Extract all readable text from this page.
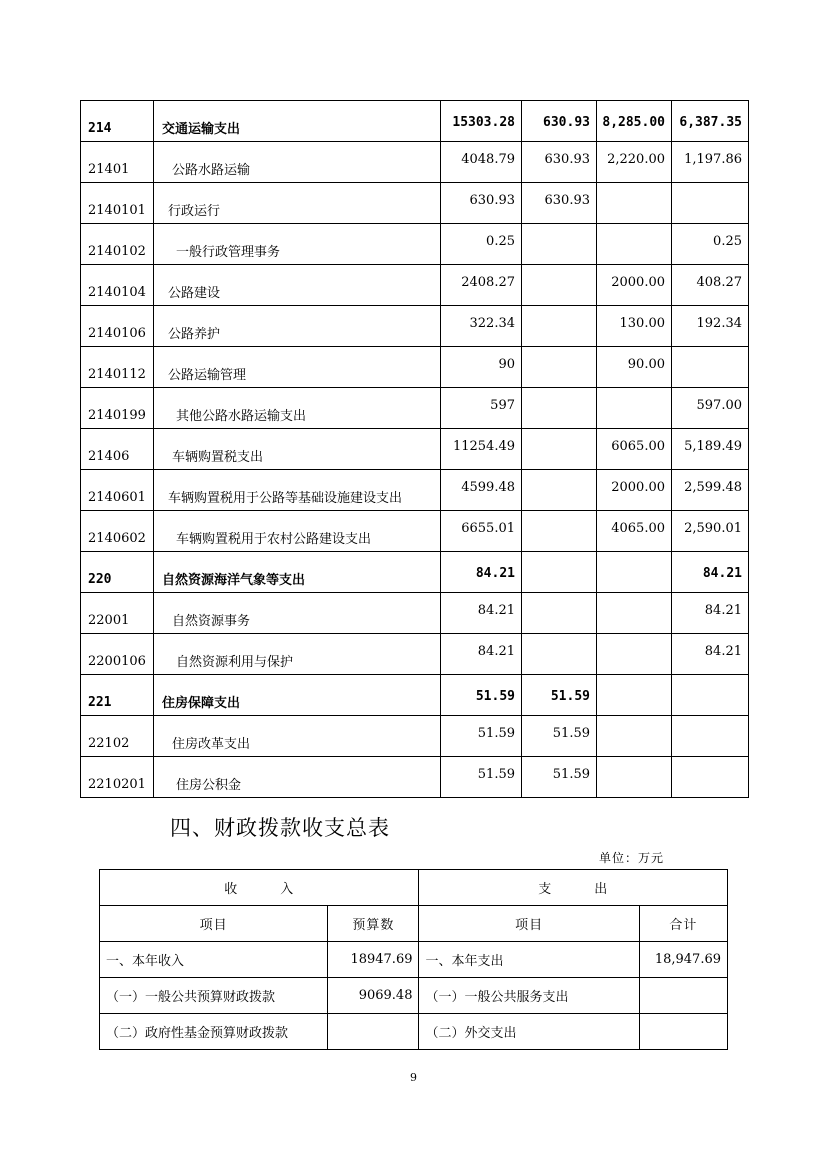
214	交通运输支出	15303.28	630.93	8,285.00	6,387.35
21401	公路水路运输	4048.79	630.93	2,220.00	1,197.86
2140101	行政运行	630.93	630.93		
2140102	一般行政管理事务	0.25			0.25
2140104	公路建设	2408.27		2000.00	408.27
2140106	公路养护	322.34		130.00	192.34
2140112	公路运输管理	90		90.00	
2140199	其他公路水路运输支出	597			597.00
21406	车辆购置税支出	11254.49		6065.00	5,189.49
2140601	车辆购置税用于公路等基础设施建设支出	4599.48		2000.00	2,599.48
2140602	车辆购置税用于农村公路建设支出	6655.01		4065.00	2,590.01
220	自然资源海洋气象等支出	84.21			84.21
22001	自然资源事务	84.21			84.21
2200106	自然资源利用与保护	84.21			84.21
221	住房保障支出	51.59	51.59		
22102	住房改革支出	51.59	51.59		
2210201	住房公积金	51.59	51.59		
四、财政拨款收支总表
单位：万元
收　　　入		支　　　出	
项目	预算数	项目	合计
一、本年收入	18947.69	一、本年支出	18,947.69
（一）一般公共预算财政拨款	9069.48	（一）一般公共服务支出	
（二）政府性基金预算财政拨款		（二）外交支出	
9
